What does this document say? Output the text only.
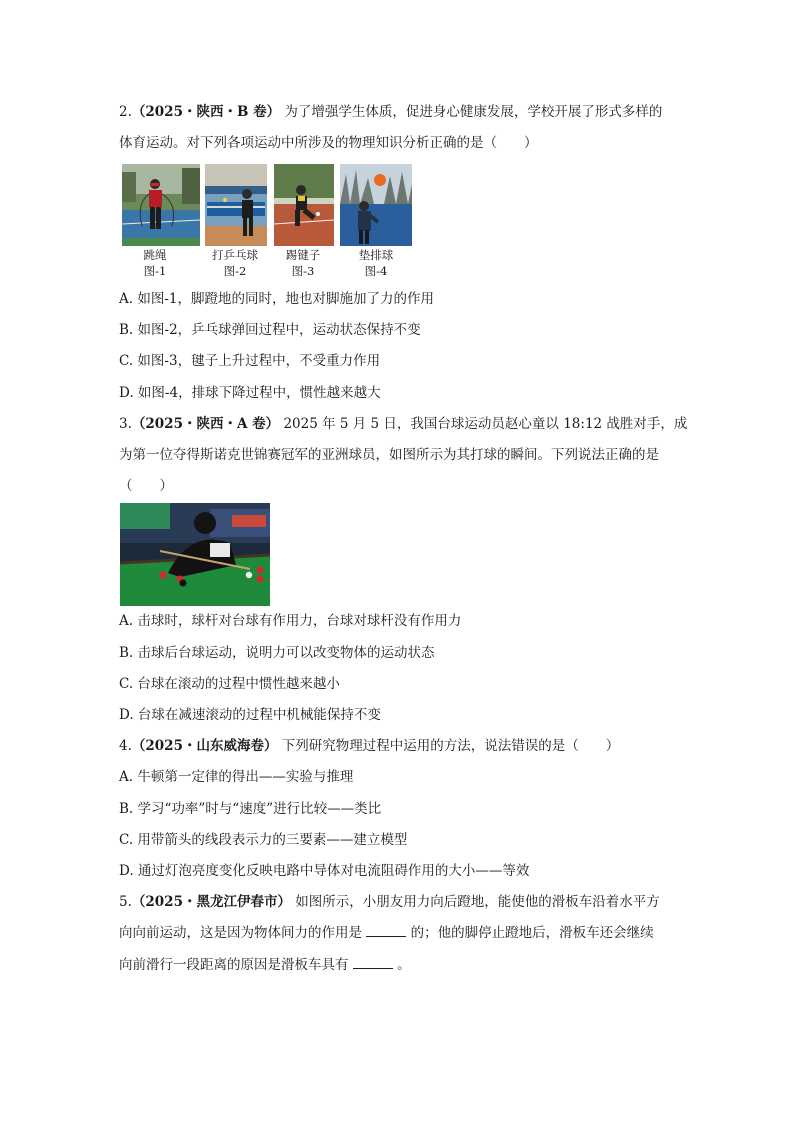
2.（2025・陕西・B 卷） 为了增强学生体质，促进身心健康发展，学校开展了形式多样的
体育运动。对下列各项运动中所涉及的物理知识分析正确的是（　　）
跳绳
图-1
打乒乓球
图-2
踢键子
图-3
垫排球
图-4
A. 如图-1，脚蹬地的同时，地也对脚施加了力的作用
B. 如图-2，乒乓球弹回过程中，运动状态保持不变
C. 如图-3，毽子上升过程中，不受重力作用
D. 如图-4，排球下降过程中，惯性越来越大
3.（2025・陕西・A 卷） 2025 年 5 月 5 日，我国台球运动员赵心童以 18:12 战胜对手，成
为第一位夺得斯诺克世锦赛冠军的亚洲球员，如图所示为其打球的瞬间。下列说法正确的是
（　　）
A. 击球时，球杆对台球有作用力，台球对球杆没有作用力
B. 击球后台球运动，说明力可以改变物体的运动状态
C. 台球在滚动的过程中惯性越来越小
D. 台球在减速滚动的过程中机械能保持不变
4.（2025・山东威海卷） 下列研究物理过程中运用的方法，说法错误的是（　　）
A. 牛顿第一定律的得出——实验与推理
B. 学习“功率”时与“速度”进行比较——类比
C. 用带箭头的线段表示力的三要素——建立模型
D. 通过灯泡亮度变化反映电路中导体对电流阻碍作用的大小——等效
5.（2025・黑龙江伊春市） 如图所示，小朋友用力向后蹬地，能使他的滑板车沿着水平方
向向前运动，这是因为物体间力的作用是	的；他的脚停止蹬地后，滑板车还会继续
向前滑行一段距离的原因是滑板车具有	。
